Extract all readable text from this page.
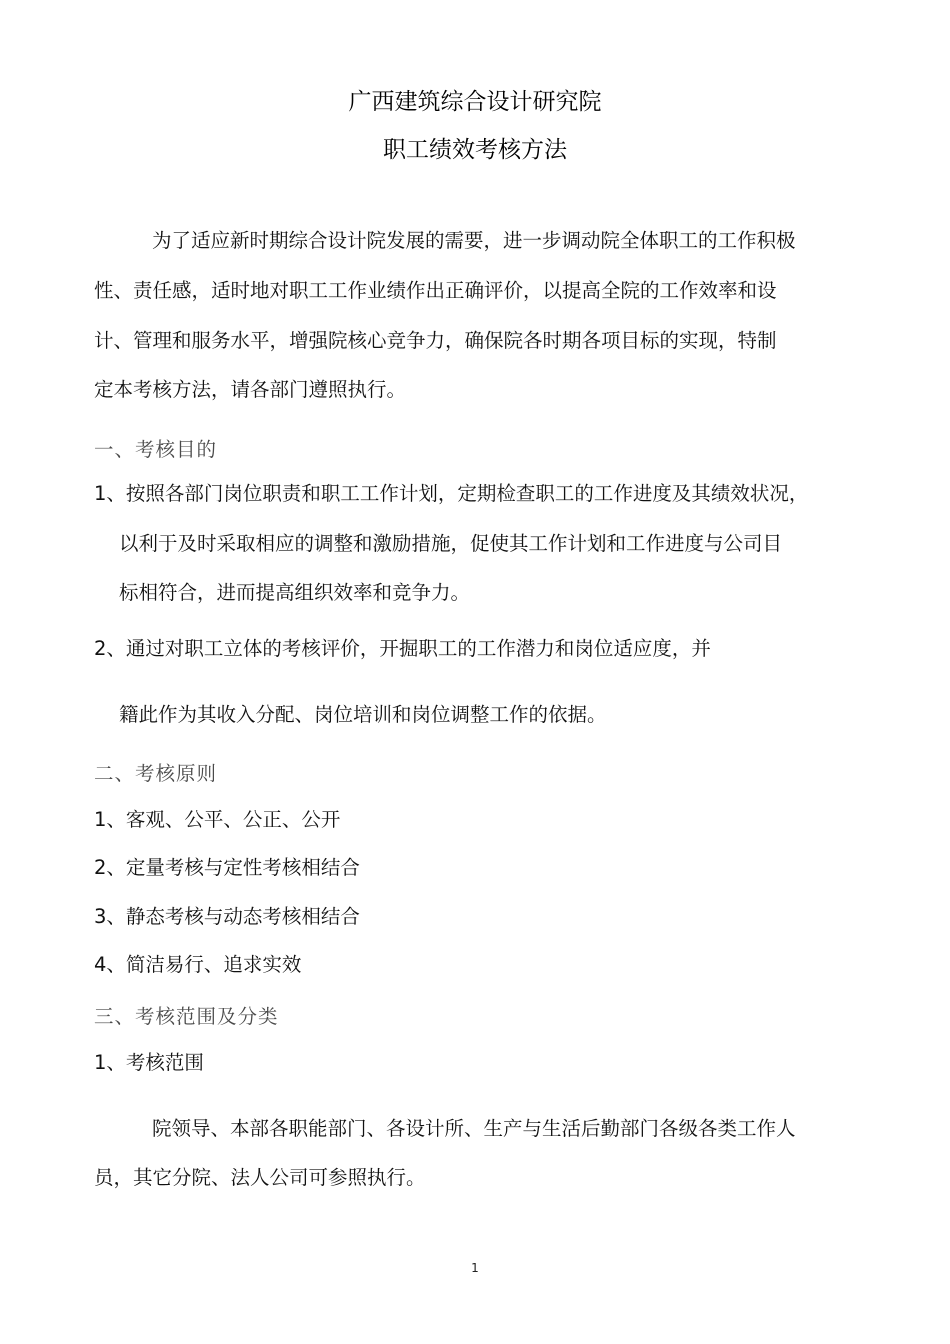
广西建筑综合设计研究院
职工绩效考核方法
为了适应新时期综合设计院发展的需要，进一步调动院全体职工的工作积极
性、责任感，适时地对职工工作业绩作出正确评价，以提高全院的工作效率和设
计、管理和服务水平，增强院核心竞争力，确保院各时期各项目标的实现，特制
定本考核方法，请各部门遵照执行。
一、考核目的
1、按照各部门岗位职责和职工工作计划，定期检查职工的工作进度及其绩效状况，
以利于及时采取相应的调整和激励措施，促使其工作计划和工作进度与公司目
标相符合，进而提高组织效率和竞争力。
2、通过对职工立体的考核评价，开掘职工的工作潜力和岗位适应度，并
籍此作为其收入分配、岗位培训和岗位调整工作的依据。
二、考核原则
1、客观、公平、公正、公开
2、定量考核与定性考核相结合
3、静态考核与动态考核相结合
4、简洁易行、追求实效
三、考核范围及分类
1、考核范围
院领导、本部各职能部门、各设计所、生产与生活后勤部门各级各类工作人
员，其它分院、法人公司可参照执行。
1
